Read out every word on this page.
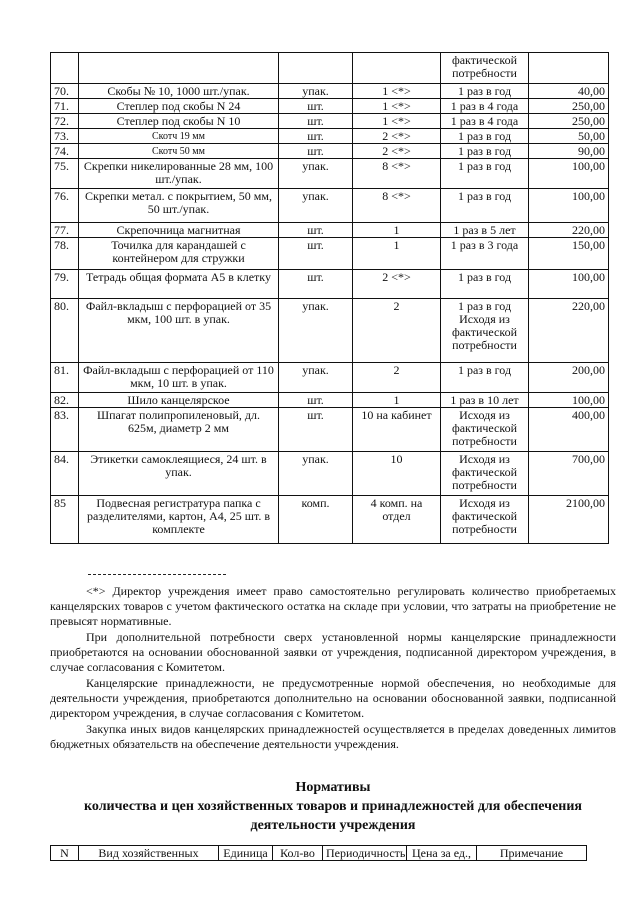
				фактической потребности	
70.	Скобы № 10, 1000 шт./упак.	упак.	1 <*>	1 раз в год	40,00
71.	Степлер под скобы N 24	шт.	1 <*>	1 раз в 4 года	250,00
72.	Степлер под скобы N 10	шт.	1 <*>	1 раз в 4 года	250,00
73.	Скотч 19 мм	шт.	2 <*>	1 раз в год	50,00
74.	Скотч 50 мм	шт.	2 <*>	1 раз в год	90,00
75.	Скрепки никелированные 28 мм, 100 шт./упак.	упак.	8 <*>	1 раз в год	100,00
76.	Скрепки метал. с покрытием, 50 мм, 50 шт./упак.	упак.	8 <*>	1 раз в год	100,00
77.	Скрепочница магнитная	шт.	1	1 раз в 5 лет	220,00
78.	Точилка для карандашей с контейнером для стружки	шт.	1	1 раз в 3 года	150,00
79.	Тетрадь общая формата А5 в клетку	шт.	2 <*>	1 раз в год	100,00
80.	Файл-вкладыш с перфорацией от 35 мкм, 100 шт. в упак.	упак.	2	1 раз в год Исходя из фактической потребности	220,00
81.	Файл-вкладыш с перфорацией от 110 мкм, 10 шт. в упак.	упак.	2	1 раз в год	200,00
82.	Шило канцелярское	шт.	1	1 раз в 10 лет	100,00
83.	Шпагат полипропиленовый, дл. 625м, диаметр 2 мм	шт.	10 на кабинет	Исходя из фактической потребности	400,00
84.	Этикетки самоклеящиеся, 24 шт. в упак.	упак.	10	Исходя из фактической потребности	700,00
85	Подвесная регистратура папка с разделителями, картон, А4, 25 шт. в комплекте	комп.	4 комп. на отдел	Исходя из фактической потребности	2100,00

<*> Директор учреждения имеет право самостоятельно регулировать количество приобретаемых канцелярских товаров с учетом фактического остатка на складе при условии, что затраты на приобретение не превысят нормативные.

При дополнительной потребности сверх установленной нормы канцелярские принадлежности приобретаются на основании обоснованной заявки от учреждения, подписанной директором учреждения, в случае согласования с Комитетом.

Канцелярские принадлежности, не предусмотренные нормой обеспечения, но необходимые для деятельности учреждения, приобретаются дополнительно на основании обоснованной заявки, подписанной директором учреждения, в случае согласования с Комитетом.

Закупка иных видов канцелярских принадлежностей осуществляется в пределах доведенных лимитов бюджетных обязательств на обеспечение деятельности учреждения.

Нормативы

количества и цен хозяйственных товаров и принадлежностей для обеспечения

деятельности учреждения

N	Вид хозяйственных	Единица	Кол-во	Периодичность	Цена за ед.,	Примечание
